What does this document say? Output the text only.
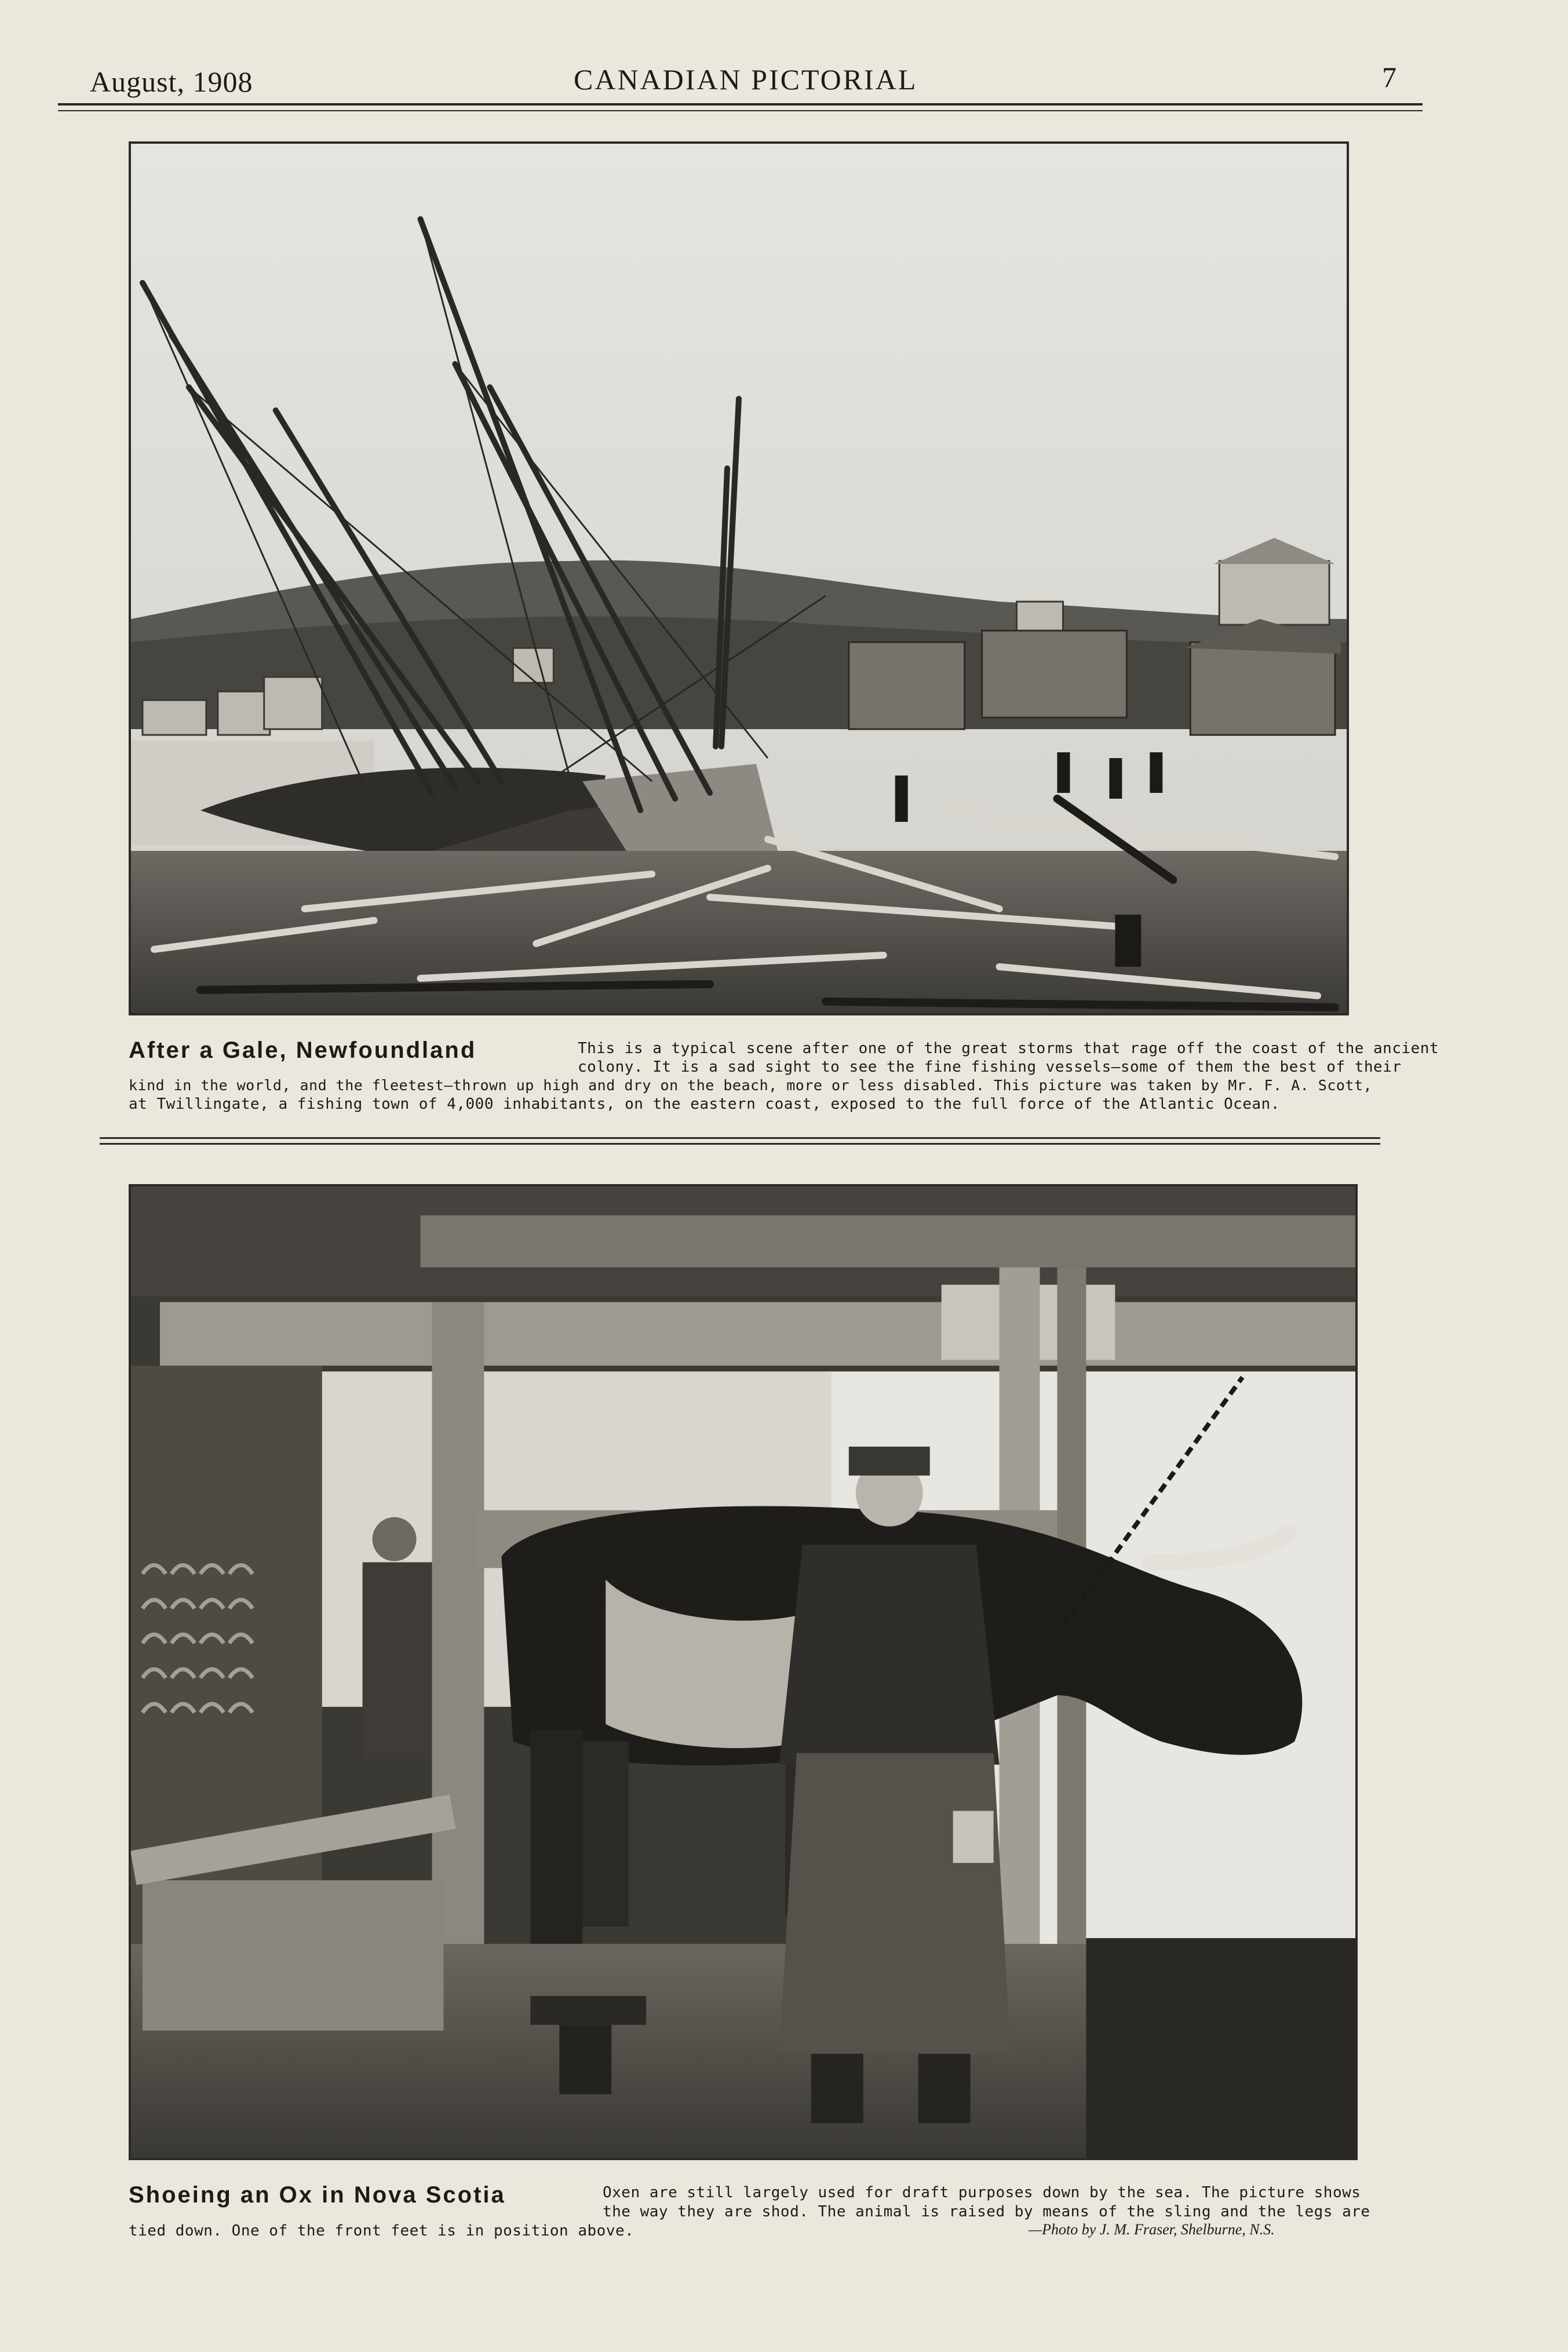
August, 1908	CANADIAN PICTORIAL	7
After a Gale, Newfoundland	This is a typical scene after one of the great storms that rage off the coast of the ancient
colony. It is a sad sight to see the fine fishing vessels—some of them the best of their
kind in the world, and the fleetest—thrown up high and dry on the beach, more or less disabled. This picture was taken by Mr. F. A. Scott,
at Twillingate, a fishing town of 4,000 inhabitants, on the eastern coast, exposed to the full force of the Atlantic Ocean.
Shoeing an Ox in Nova Scotia	Oxen are still largely used for draft purposes down by the sea. The picture shows
the way they are shod. The animal is raised by means of the sling and the legs are
tied down. One of the front feet is in position above.	—Photo by J. M. Fraser, Shelburne, N.S.
